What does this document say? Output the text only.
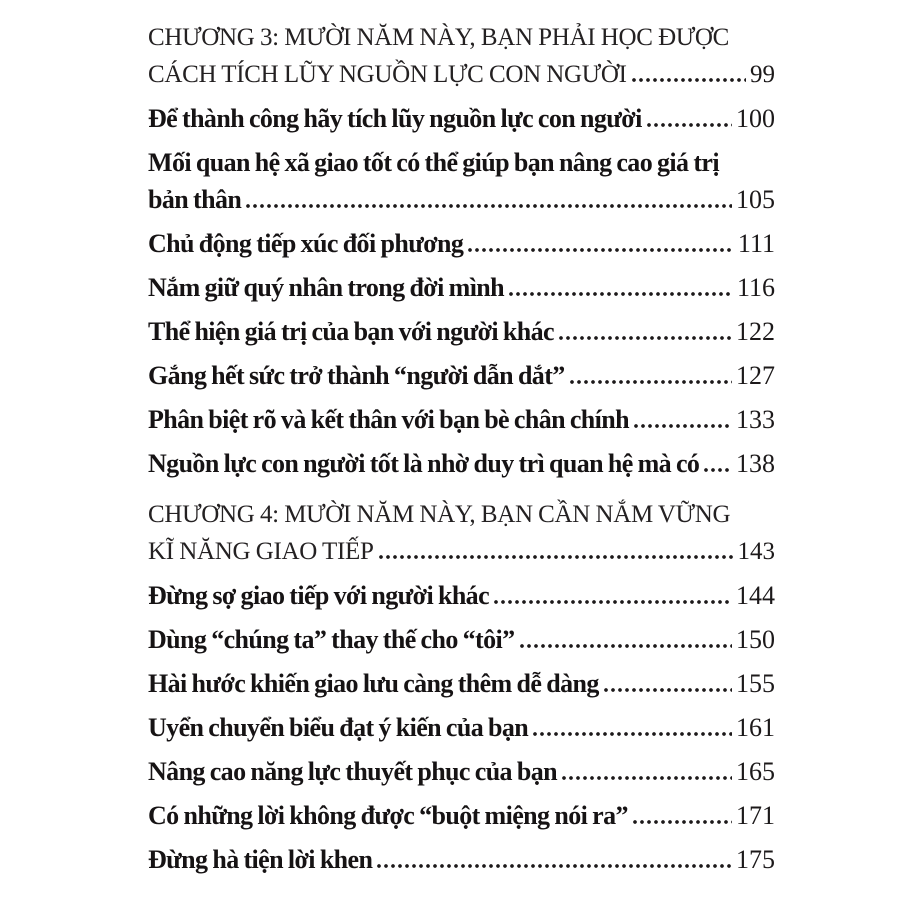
CHƯƠNG 3: MƯỜI NĂM NÀY, BẠN PHẢI HỌC ĐƯỢC
CÁCH TÍCH LŨY NGUỒN LỰC CON NGƯỜI	99
Để thành công hãy tích lũy nguồn lực con người	100
Mối quan hệ xã giao tốt có thể giúp bạn nâng cao giá trị
bản thân	105
Chủ động tiếp xúc đối phương	111
Nắm giữ quý nhân trong đời mình	116
Thể hiện giá trị của bạn với người khác	122
Gắng hết sức trở thành “người dẫn dắt”	127
Phân biệt rõ và kết thân với bạn bè chân chính	133
Nguồn lực con người tốt là nhờ duy trì quan hệ mà có 138
CHƯƠNG 4: MƯỜI NĂM NÀY, BẠN CẦN NẮM VỮNG
KĨ NĂNG GIAO TIẾP	143
Đừng sợ giao tiếp với người khác	144
Dùng “chúng ta” thay thế cho “tôi”	150
Hài hước khiến giao lưu càng thêm dễ dàng	155
Uyển chuyển biểu đạt ý kiến của bạn	161
Nâng cao năng lực thuyết phục của bạn	165
Có những lời không được “buột miệng nói ra”	171
Đừng hà tiện lời khen	175
